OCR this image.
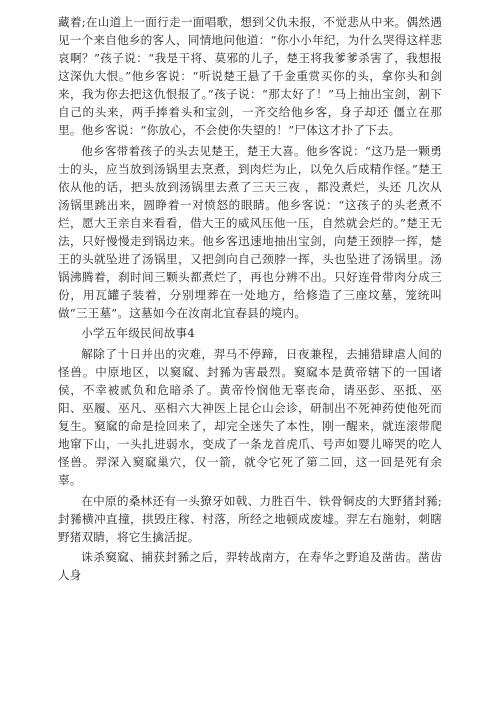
藏着;在山道上一面行走一面唱歌，想到父仇未报，不觉悲从中来。偶然遇见一个来自他乡的客人，同情地问他道：“你小小年纪，为什么哭得这样悲哀啊？”孩子说：“我是干将、莫邪的儿子，楚王将我爹爹杀害了，我想报这深仇大恨。”他乡客说：“听说楚王悬了千金重赏买你的头，拿你头和剑来，我为你去把这仇恨报了。”孩子说：“那太好了！”马上抽出宝剑，割下自己的头来，两手捧着头和宝剑，一齐交给他乡客，身子却还 僵立在那里。他乡客说：“你放心，不会使你失望的！”尸体这才扑了下去。

他乡客带着孩子的头去见楚王，楚王大喜。他乡客说：“这乃是一颗勇士的头，应当放到汤锅里去烹煮，到肉烂为止，以免久后成精作怪。”楚王依从他的话，把头放到汤锅里去煮了三天三夜 ，都没煮烂，头还 几次从汤锅里跳出来，圆睁着一对愤怒的眼睛。他乡客说：“这孩子的头老煮不烂，愿大王亲自来看看，借大王的威风压他一压，自然就会烂的。”楚王无法，只好慢慢走到锅边来。他乡客迅速地抽出宝剑，向楚王颈脖一挥，楚王的头就坠进了汤锅里，又把剑向自己颈脖一挥，头也坠进了汤锅里。汤锅沸腾着，刹时间三颗头都煮烂了，再也分辨不出。只好连骨带肉分成三份，用瓦罐子装着，分别埋葬在一处地方，给修造了三座坟墓，笼统叫做“三王墓”。这墓如今在汝南北宜春县的境内。

小学五年级民间故事4

解除了十日并出的灾难，羿马不停蹄，日夜兼程，去捕猎肆虐人间的怪兽。中原地区，以窫窳、封豨为害最烈。窫窳本是黄帝辖下的一国诸侯，不幸被贰负和危暗杀了。黄帝怜悯他无辜丧命，请巫彭、巫抵、巫阳、巫履、巫凡、巫相六大神医上昆仑山会诊，研制出不死神药使他死而复生。窫窳的命是捡回来了，却完全迷失了本性，刚一醒来，就连滚带爬地窜下山，一头扎进弱水，变成了一条龙首虎爪、号声如婴儿啼哭的吃人怪兽。羿深入窫窳巢穴，仅一箭，就令它死了第二回，这一回是死有余辜。

在中原的桑林还有一头獠牙如戟、力胜百牛、铁骨铜皮的大野猪封豨;封豨横冲直撞，拱毁庄稼、村落，所经之地顿成废墟。羿左右施射，刺瞎野猪双睛，将它生擒活捉。

诛杀窫窳、捕获封豨之后，羿转战南方，在寿华之野追及凿齿。凿齿人身
